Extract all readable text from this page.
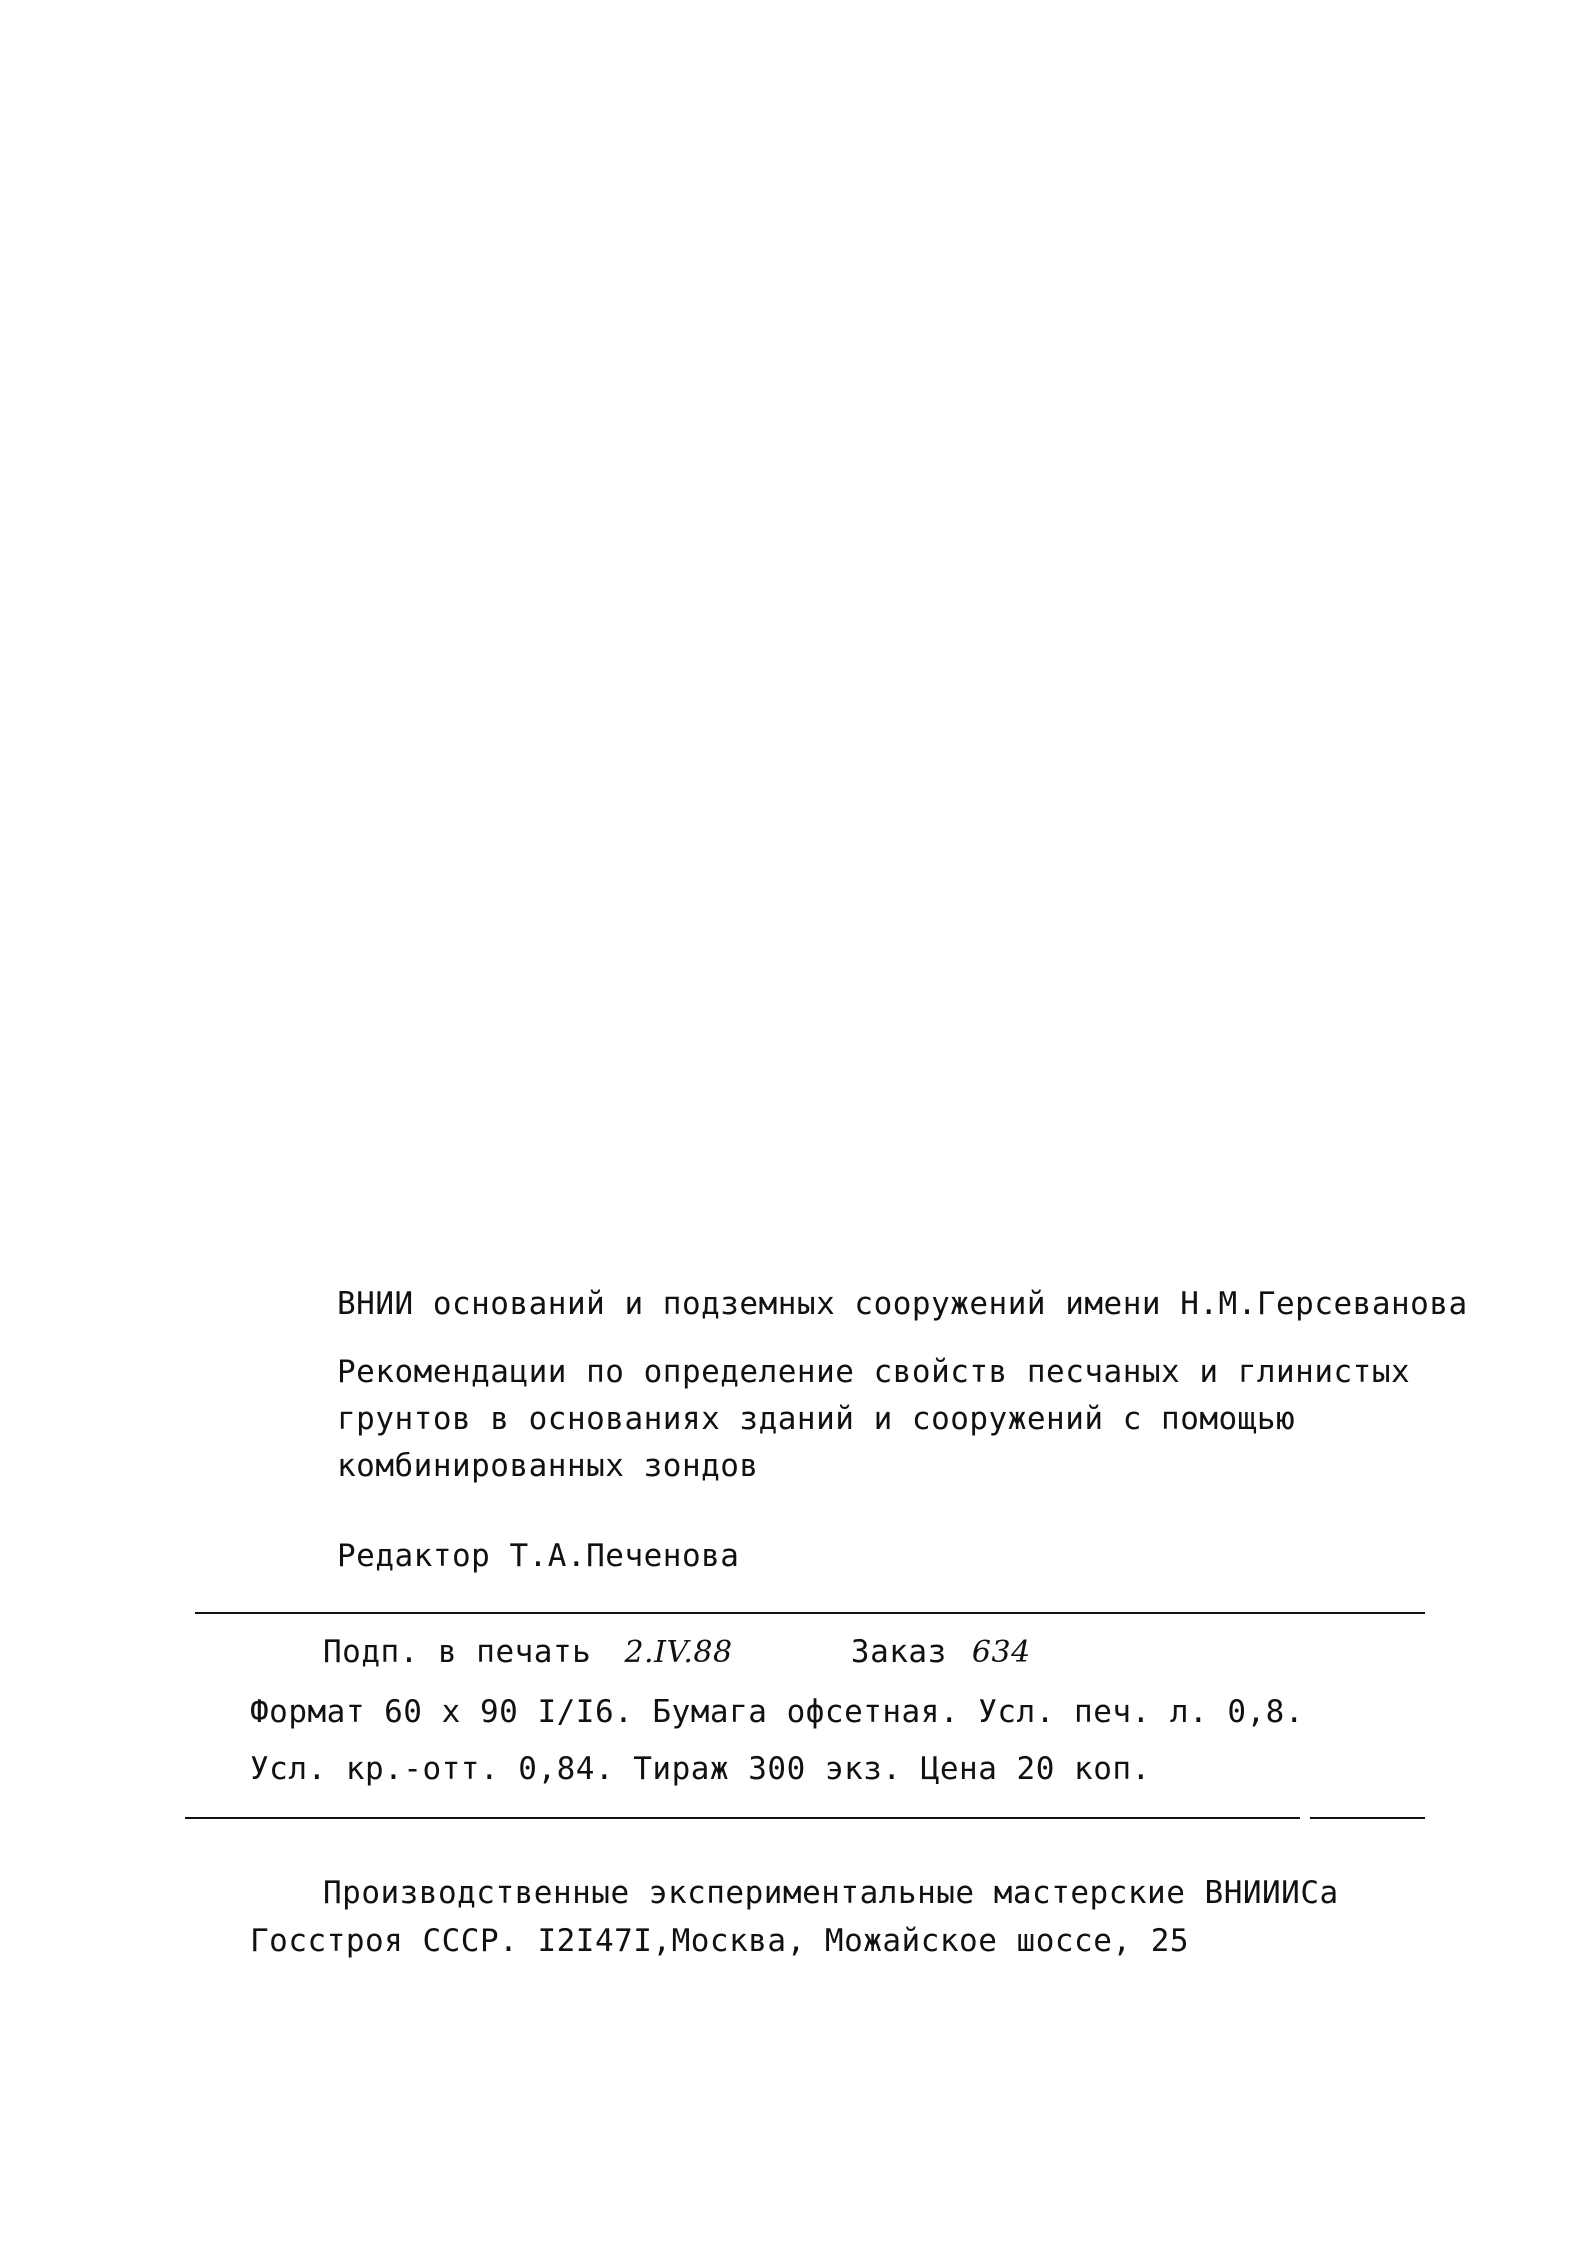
ВНИИ оснований и подземных сооружений имени Н.М.Герсеванова
Рекомендации по определение свойств песчаных и глинистых
грунтов в основаниях зданий и сооружений с помощью
комбинированных зондов
Редактор Т.А.Печенова
Подп. в печать 2.IV.88	Заказ 634
Формат 60 х 90 I/I6. Бумага офсетная. Усл. печ. л. 0,8.
Усл. кр.-отт. 0,84. Тираж 300 экз. Цена 20 коп.
Производственные экспериментальные мастерские ВНИИИСа
Госстроя СССР. I2I47I,Москва, Можайское шоссе, 25
